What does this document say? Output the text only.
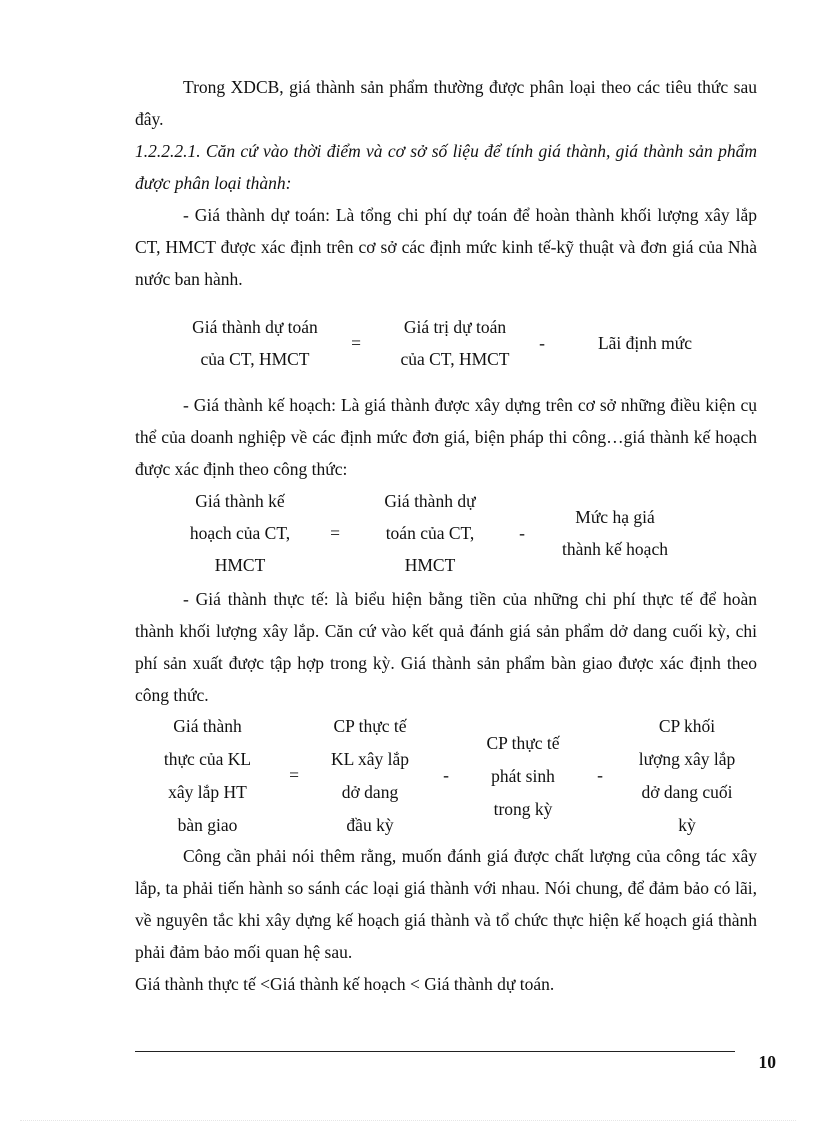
Trong XDCB, giá thành sản phẩm thường được phân loại theo các tiêu thức sau đây.

1.2.2.2.1. Căn cứ vào thời điểm và cơ sở số liệu để tính giá thành, giá thành sản phẩm được phân loại thành:

- Giá thành dự toán: Là tổng chi phí dự toán để hoàn thành khối lượng xây lắp CT, HMCT được xác định trên cơ sở các định mức kinh tế-kỹ thuật và đơn giá của Nhà nước ban hành.

Giá thành dự toán
của CT, HMCT
=
Giá trị dự toán
của CT, HMCT
-	Lãi định mức

- Giá thành kế hoạch: Là giá thành được xây dựng trên cơ sở những điều kiện cụ thể của doanh nghiệp về các định mức đơn giá, biện pháp thi công…giá thành kế hoạch được xác định theo công thức:

Giá thành kế
hoạch của CT,
HMCT
=
Giá thành dự
toán của CT,
HMCT
-
Mức hạ giá
thành kế hoạch

- Giá thành thực tế: là biểu hiện bằng tiền của những chi phí thực tế để hoàn thành khối lượng xây lắp. Căn cứ vào kết quả đánh giá sản phẩm dở dang cuối kỳ, chi phí sản xuất được tập hợp trong kỳ. Giá thành sản phẩm bàn giao được xác định theo công thức.

Giá thành
thực của KL
xây lắp HT
bàn giao
=
CP thực tế
KL xây lắp
dở dang
đầu kỳ
-
CP thực tế
phát sinh
trong kỳ
-
CP khối
lượng xây lắp
dở dang cuối
kỳ

Công cần phải nói thêm rằng, muốn đánh giá được chất lượng của công tác xây lắp, ta phải tiến hành so sánh các loại giá thành với nhau. Nói chung, để đảm bảo có lãi, về nguyên tắc khi xây dựng kế hoạch giá thành và tổ chức thực hiện kế hoạch giá thành phải đảm bảo mối quan hệ sau.

Giá thành thực tế <Giá thành kế hoạch < Giá thành dự toán.

10
